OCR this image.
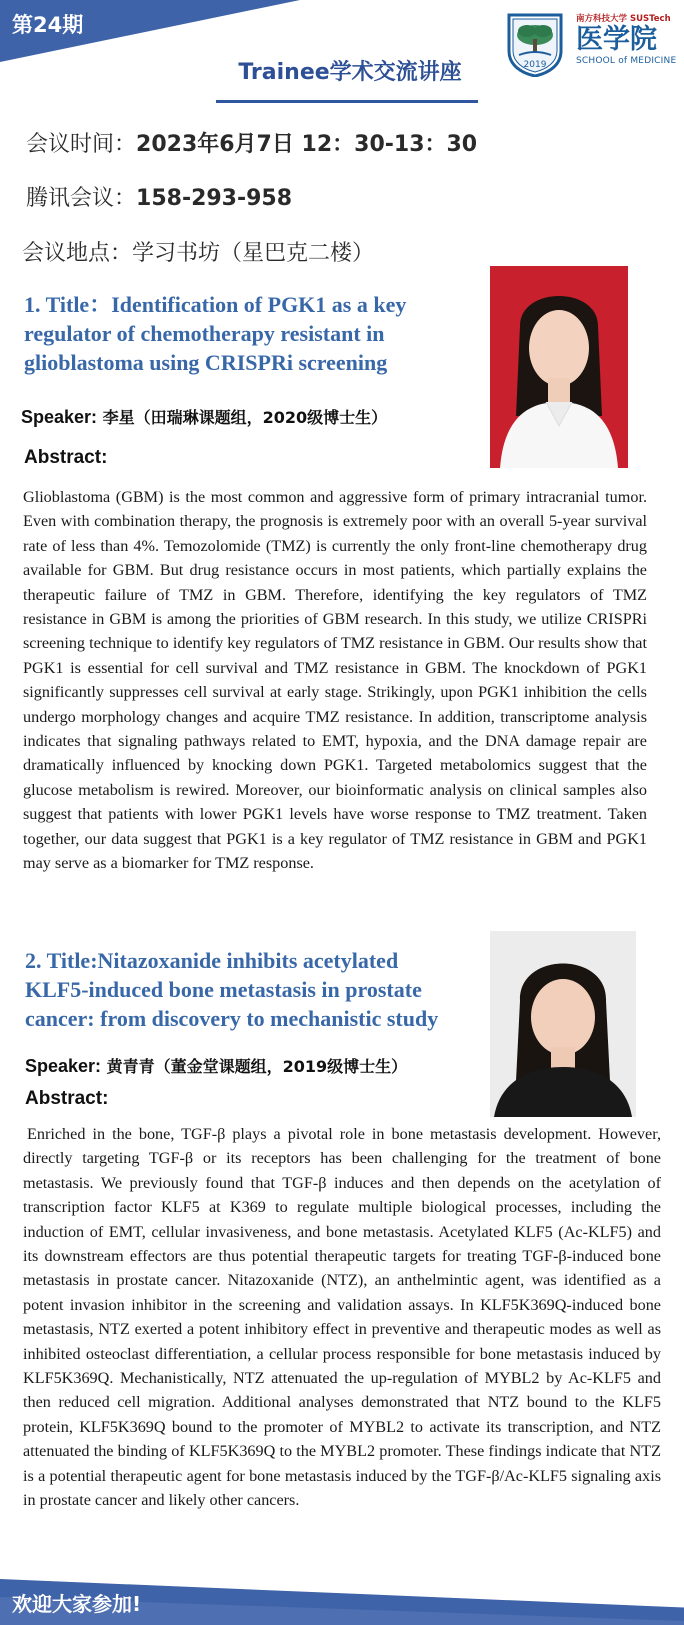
第24期
2019
南方科技大学 SUSTech
医学院
SCHOOL of MEDICINE
Trainee学术交流讲座
会议时间：2023年6月7日 12：30-13：30
腾讯会议：158-293-958
会议地点：学习书坊（星巴克二楼）
1. Title：Identification of PGK1 as a key
regulator of chemotherapy resistant in
glioblastoma using CRISPRi screening
Speaker: 李星（田瑞琳课题组，2020级博士生）
Abstract:

Glioblastoma (GBM) is the most common and aggressive form of primary intracranial tumor. Even with combination therapy, the prognosis is extremely poor with an overall 5-year survival rate of less than 4%. Temozolomide (TMZ) is currently the only front-line chemotherapy drug available for GBM. But drug resistance occurs in most patients, which partially explains the therapeutic failure of TMZ in GBM. Therefore, identifying the key regulators of TMZ resistance in GBM is among the priorities of GBM research. In this study, we utilize CRISPRi screening technique to identify key regulators of TMZ resistance in GBM. Our results show that PGK1 is essential for cell survival and TMZ resistance in GBM. The knockdown of PGK1 significantly suppresses cell survival at early stage. Strikingly, upon PGK1 inhibition the cells undergo morphology changes and acquire TMZ resistance. In addition, transcriptome analysis indicates that signaling pathways related to EMT, hypoxia, and the DNA damage repair are dramatically influenced by knocking down PGK1. Targeted metabolomics suggest that the glucose metabolism is rewired. Moreover, our bioinformatic analysis on clinical samples also suggest that patients with lower PGK1 levels have worse response to TMZ treatment. Taken together, our data suggest that PGK1 is a key regulator of TMZ resistance in GBM and PGK1 may serve as a biomarker for TMZ response.

2. Title:Nitazoxanide inhibits acetylated
KLF5-induced bone metastasis in prostate
cancer: from discovery to mechanistic study
Speaker: 黄青青（董金堂课题组，2019级博士生）
Abstract:

Enriched in the bone, TGF-β plays a pivotal role in bone metastasis development. However, directly targeting TGF-β or its receptors has been challenging for the treatment of bone metastasis. We previously found that TGF-β induces and then depends on the acetylation of transcription factor KLF5 at K369 to regulate multiple biological processes, including the induction of EMT, cellular invasiveness, and bone metastasis. Acetylated KLF5 (Ac-KLF5) and its downstream effectors are thus potential therapeutic targets for treating TGF-β-induced bone metastasis in prostate cancer. Nitazoxanide (NTZ), an anthelmintic agent, was identified as a potent invasion inhibitor in the screening and validation assays. In KLF5K369Q-induced bone metastasis, NTZ exerted a potent inhibitory effect in preventive and therapeutic modes as well as inhibited osteoclast differentiation, a cellular process responsible for bone metastasis induced by KLF5K369Q. Mechanistically, NTZ attenuated the up-regulation of MYBL2 by Ac-KLF5 and then reduced cell migration. Additional analyses demonstrated that NTZ bound to the KLF5 protein, KLF5K369Q bound to the promoter of MYBL2 to activate its transcription, and NTZ attenuated the binding of KLF5K369Q to the MYBL2 promoter. These findings indicate that NTZ is a potential therapeutic agent for bone metastasis induced by the TGF-β/Ac-KLF5 signaling axis in prostate cancer and likely other cancers.

欢迎大家参加!
